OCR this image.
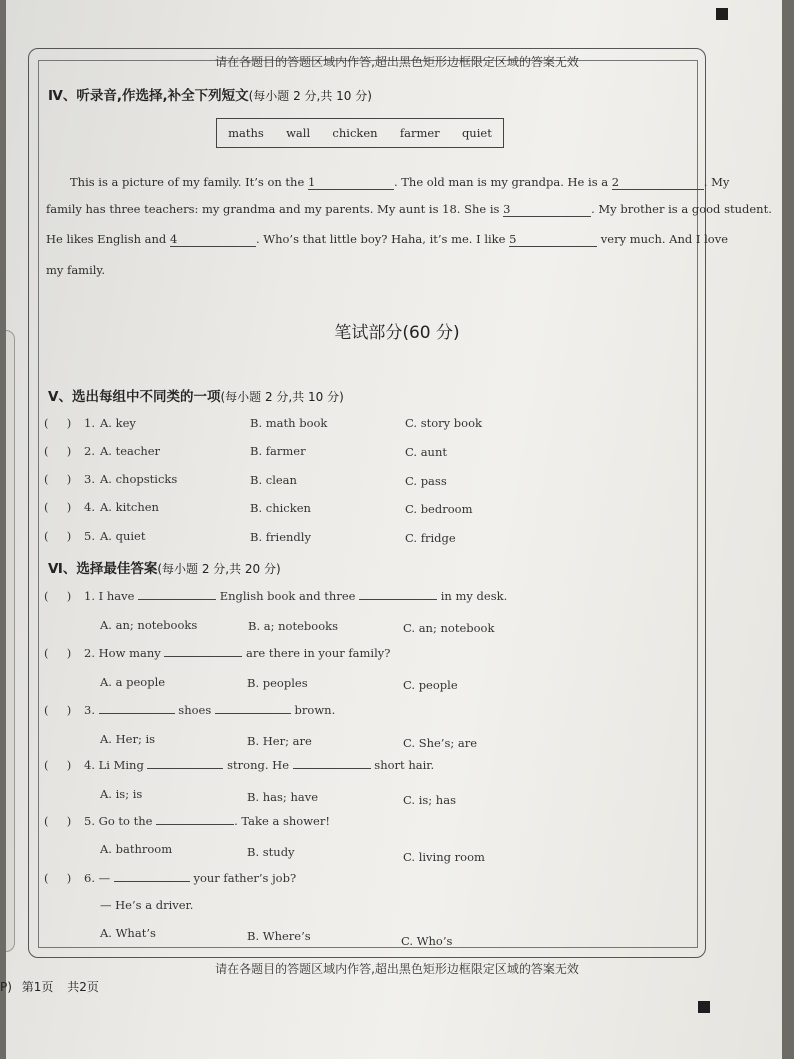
请在各题目的答题区域内作答,超出黑色矩形边框限定区域的答案无效
Ⅳ、听录音,作选择,补全下列短文(每小题 2 分,共 10 分)
maths wall chicken farmer quiet
This is a picture of my family. It’s on the 1	. The old man is my grandpa. He is a 2	. My
family has three teachers: my grandma and my parents. My aunt is 18. She is 3	. My brother is a good student.
He likes English and 4	. Who’s that little boy? Haha, it’s me. I like 5	very much. And I love
my family.
笔试部分(60 分)
Ⅴ、选出每组中不同类的一项(每小题 2 分,共 10 分)
(     ) 1. A. key	B. math book	C. story book
(     ) 2. A. teacher	B. farmer	C. aunt
(     ) 3. A. chopsticks	B. clean	C. pass
(     ) 4. A. kitchen	B. chicken	C. bedroom
(     ) 5. A. quiet	B. friendly	C. fridge
Ⅵ、选择最佳答案(每小题 2 分,共 20 分)
(     ) 1. I have	English book and three	in my desk.
A. an; notebooks	B. a; notebooks	C. an; notebook
(     ) 2. How many	are there in your family?
A. a people	B. peoples	C. people
(     ) 3.	shoes	brown.
A. Her; is	B. Her; are	C. She’s; are
(     ) 4. Li Ming	strong. He	short hair.
A. is; is	B. has; have	C. is; has
(     ) 5. Go to the	. Take a shower!
A. bathroom	B. study	C. living room
(     ) 6. —	your father’s job?
— He’s a driver.
A. What’s	B. Where’s	C. Who’s
请在各题目的答题区域内作答,超出黑色矩形边框限定区域的答案无效
P) 第1页 共2页
